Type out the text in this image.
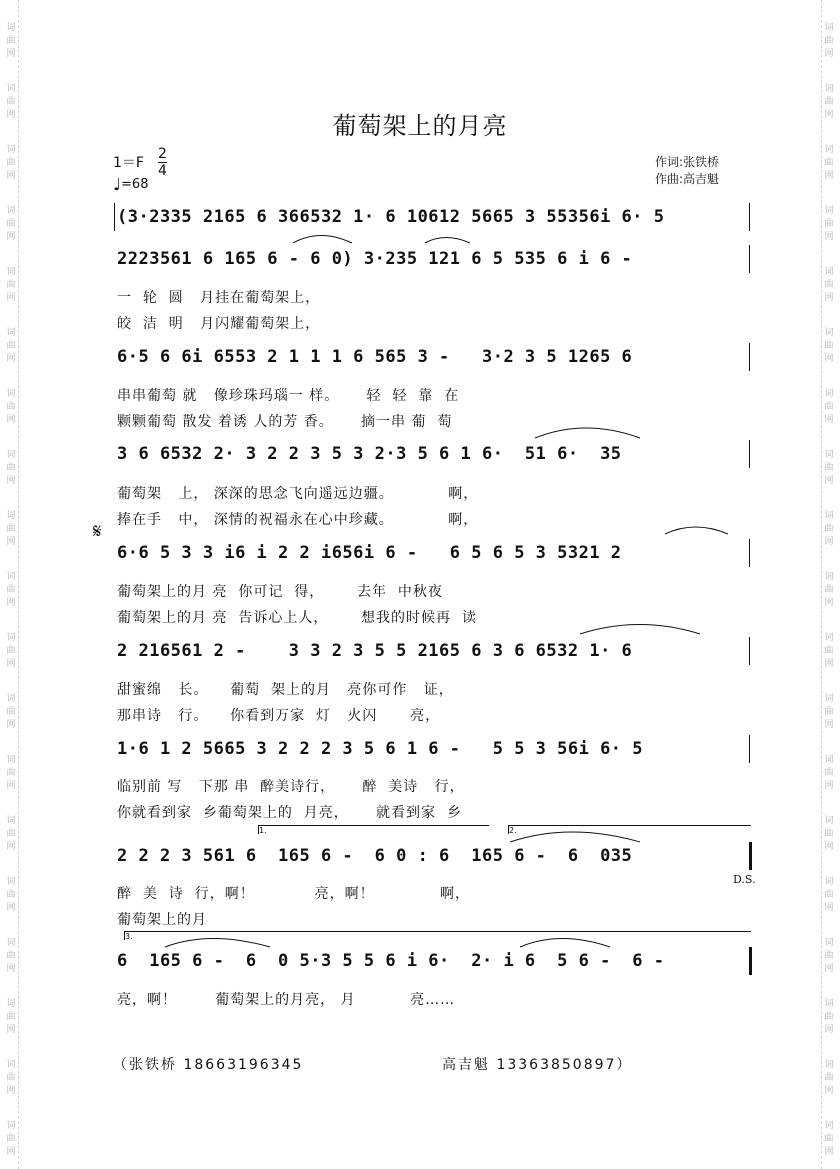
词
曲
网
词
曲
网
词
曲
网
词
曲
网
词
曲
网
词
曲
网
词
曲
网
词
曲
网
词
曲
网
词
曲
网
词
曲
网
词
曲
网
词
曲
网
词
曲
网
词
曲
网
词
曲
网
词
曲
网
词
曲
网
词
曲
网
词
曲
网
词
曲
网
词
曲
网
词
曲
网
词
曲
网
词
曲
网
词
曲
网
词
曲
网
词
曲
网
词
曲
网
词
曲
网
词
曲
网
词
曲
网
词
曲
网
词
曲
网
词
曲
网
词
曲
网
词
曲
网
词
曲
网
葡萄架上的月亮
$1=F \frac{2}{4}$
♩=68
作词:张铁桥
作曲:高吉魁
(3·2335 2165 6 366532 1· 6 10612 5665 3 55356i 6· 5
2223561 6 165 6 - 6 0) 3·235 121 6 5 535 6 i 6 -
一  轮  圆   月挂在葡萄架上，
皎  洁  明   月闪耀葡萄架上，
6·5 6 6i 6553 2 1 1 1 6 565 3 -   3·2 3 5 1265 6
串串葡萄 就   像珍珠玛瑙一 样。     轻  轻  靠  在
颗颗葡萄 散发 着诱 人的芳 香。     摘一串 葡  萄
3 6 6532 2· 3 2 2 3 5 3 2·3 5 6 1 6·  51 6·  35
葡萄架   上， 深深的思念飞向遥远边疆。          啊，
捧在手   中， 深情的祝福永在心中珍藏。          啊，
𝄋
6·6 5 3 3 i6 i 2 2 i656i 6 -   6 5 6 5 3 5321 2
葡萄架上的月 亮  你可记  得，      去年  中秋夜
葡萄架上的月 亮  告诉心上人，      想我的时候再  读
2 216561 2 -    3 3 2 3 5 5 2165 6 3 6 6532 1· 6
甜蜜绵   长。    葡萄  架上的月   亮你可作   证，
那串诗   行。    你看到万家  灯   火闪      亮，
1·6 1 2 5665 3 2 2 2 3 5 6 1 6 -   5 5 3 56i 6· 5
临别前 写   下那 串  醉美诗行，     醉  美诗   行，
你就看到家  乡葡萄架上的  月亮，     就看到家  乡
1.	2.
2 2 2 3 561 6  165 6 -  6 0 : 6  165 6 -  6  035
D.S.
醉  美  诗  行，啊！           亮，啊！            啊，
葡萄架上的月
3.
6  165 6 -  6  0 5·3 5 5 6 i 6·  2· i 6  5 6 -  6 -
亮，啊！       葡萄架上的月亮， 月          亮……
（张铁桥 18663196345	高吉魁 13363850897）
